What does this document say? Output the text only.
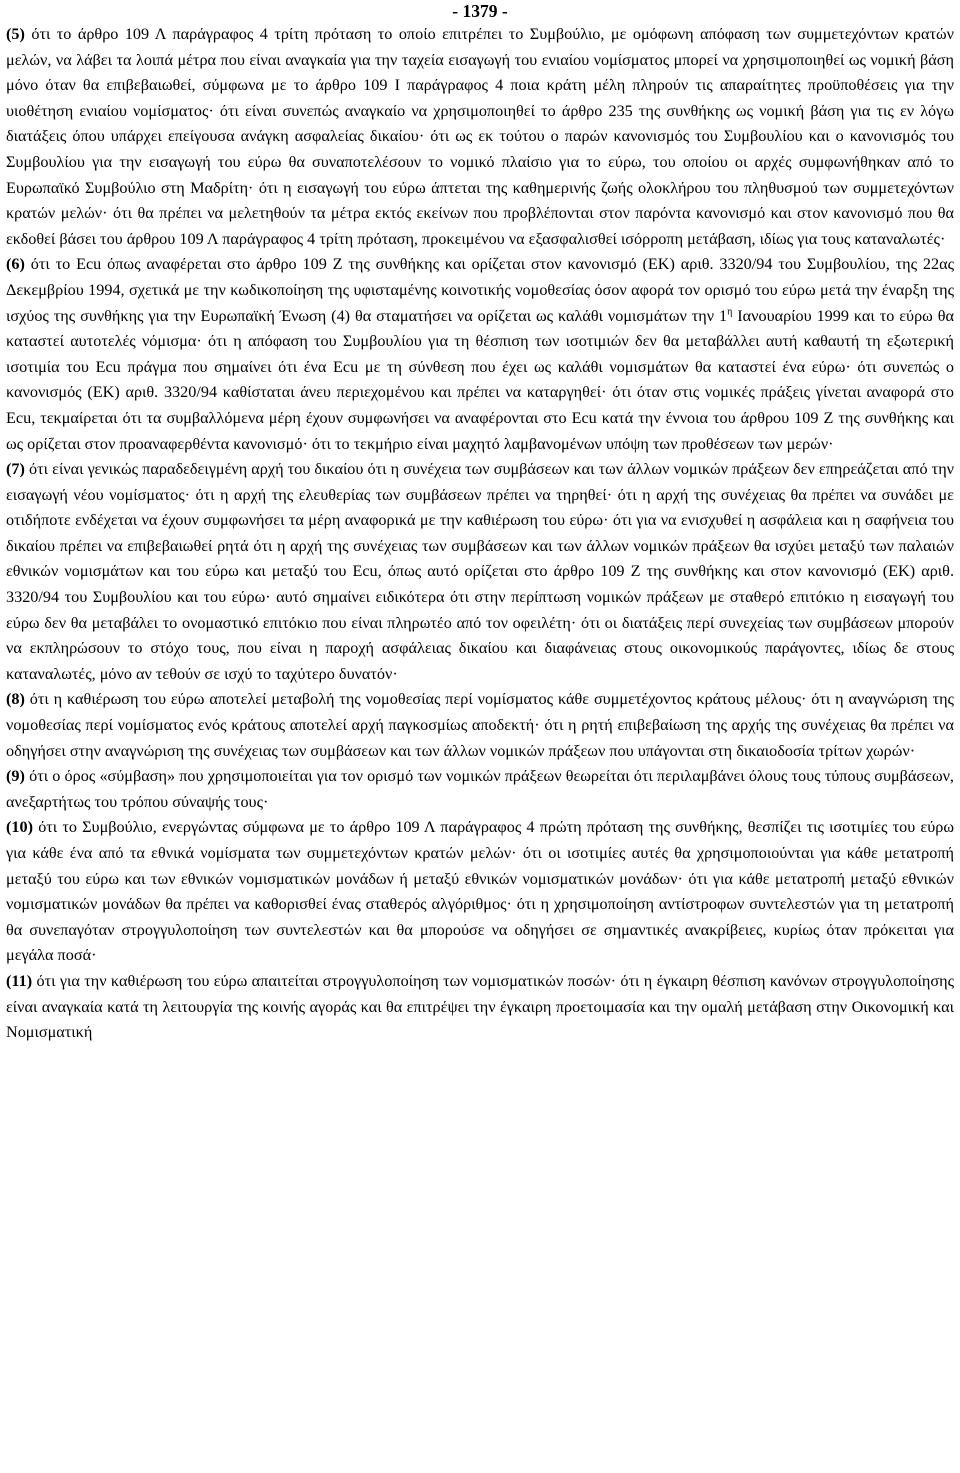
- 1379 -

(5) ότι το άρθρο 109 Λ παράγραφος 4 τρίτη πρόταση το οποίο επιτρέπει το Συμβούλιο, με ομόφωνη απόφαση των συμμετεχόντων κρατών μελών, να λάβει τα λοιπά μέτρα που είναι αναγκαία για την ταχεία εισαγωγή του ενιαίου νομίσματος μπορεί να χρησιμοποιηθεί ως νομική βάση μόνο όταν θα επιβεβαιωθεί, σύμφωνα με το άρθρο 109 Ι παράγραφος 4 ποια κράτη μέλη πληρούν τις απαραίτητες προϋποθέσεις για την υιοθέτηση ενιαίου νομίσματος· ότι είναι συνεπώς αναγκαίο να χρησιμοποιηθεί το άρθρο 235 της συνθήκης ως νομική βάση για τις εν λόγω διατάξεις όπου υπάρχει επείγουσα ανάγκη ασφαλείας δικαίου· ότι ως εκ τούτου ο παρών κανονισμός του Συμβουλίου και ο κανονισμός του Συμβουλίου για την εισαγωγή του εύρω θα συναποτελέσουν το νομικό πλαίσιο για το εύρω, του οποίου οι αρχές συμφωνήθηκαν από το Ευρωπαϊκό Συμβούλιο στη Μαδρίτη· ότι η εισαγωγή του εύρω άπτεται της καθημερινής ζωής ολοκλήρου του πληθυσμού των συμμετεχόντων κρατών μελών· ότι θα πρέπει να μελετηθούν τα μέτρα εκτός εκείνων που προβλέπονται στον παρόντα κανονισμό και στον κανονισμό που θα εκδοθεί βάσει του άρθρου 109 Λ παράγραφος 4 τρίτη πρόταση, προκειμένου να εξασφαλισθεί ισόρροπη μετάβαση, ιδίως για τους καταναλωτές·
(6) ότι το Ecu όπως αναφέρεται στο άρθρο 109 Ζ της συνθήκης και ορίζεται στον κανονισμό (ΕΚ) αριθ. 3320/94 του Συμβουλίου, της 22ας Δεκεμβρίου 1994, σχετικά με την κωδικοποίηση της υφισταμένης κοινοτικής νομοθεσίας όσον αφορά τον ορισμό του εύρω μετά την έναρξη της ισχύος της συνθήκης για την Ευρωπαϊκή Ένωση (4) θα σταματήσει να ορίζεται ως καλάθι νομισμάτων την $1^\eta$ Ιανουαρίου 1999 και το εύρω θα καταστεί αυτοτελές νόμισμα· ότι η απόφαση του Συμβουλίου για τη θέσπιση των ισοτιμιών δεν θα μεταβάλλει αυτή καθαυτή τη εξωτερική ισοτιμία του Ecu πράγμα που σημαίνει ότι ένα Ecu με τη σύνθεση που έχει ως καλάθι νομισμάτων θα καταστεί ένα εύρω· ότι συνεπώς ο κανονισμός (ΕΚ) αριθ. 3320/94 καθίσταται άνευ περιεχομένου και πρέπει να καταργηθεί· ότι όταν στις νομικές πράξεις γίνεται αναφορά στο Ecu, τεκμαίρεται ότι τα συμβαλλόμενα μέρη έχουν συμφωνήσει να αναφέρονται στο Ecu κατά την έννοια του άρθρου 109 Ζ της συνθήκης και ως ορίζεται στον προαναφερθέντα κανονισμό· ότι το τεκμήριο είναι μαχητό λαμβανομένων υπόψη των προθέσεων των μερών·
(7) ότι είναι γενικώς παραδεδειγμένη αρχή του δικαίου ότι η συνέχεια των συμβάσεων και των άλλων νομικών πράξεων δεν επηρεάζεται από την εισαγωγή νέου νομίσματος· ότι η αρχή της ελευθερίας των συμβάσεων πρέπει να τηρηθεί· ότι η αρχή της συνέχειας θα πρέπει να συνάδει με οτιδήποτε ενδέχεται να έχουν συμφωνήσει τα μέρη αναφορικά με την καθιέρωση του εύρω· ότι για να ενισχυθεί η ασφάλεια και η σαφήνεια του δικαίου πρέπει να επιβεβαιωθεί ρητά ότι η αρχή της συνέχειας των συμβάσεων και των άλλων νομικών πράξεων θα ισχύει μεταξύ των παλαιών εθνικών νομισμάτων και του εύρω και μεταξύ του Ecu, όπως αυτό ορίζεται στο άρθρο 109 Ζ της συνθήκης και στον κανονισμό (ΕΚ) αριθ. 3320/94 του Συμβουλίου και του εύρω· αυτό σημαίνει ειδικότερα ότι στην περίπτωση νομικών πράξεων με σταθερό επιτόκιο η εισαγωγή του εύρω δεν θα μεταβάλει το ονομαστικό επιτόκιο που είναι πληρωτέο από τον οφειλέτη· ότι οι διατάξεις περί συνεχείας των συμβάσεων μπορούν να εκπληρώσουν το στόχο τους, που είναι η παροχή ασφάλειας δικαίου και διαφάνειας στους οικονομικούς παράγοντες, ιδίως δε στους καταναλωτές, μόνο αν τεθούν σε ισχύ το ταχύτερο δυνατόν·
(8) ότι η καθιέρωση του εύρω αποτελεί μεταβολή της νομοθεσίας περί νομίσματος κάθε συμμετέχοντος κράτους μέλους· ότι η αναγνώριση της νομοθεσίας περί νομίσματος ενός κράτους αποτελεί αρχή παγκοσμίως αποδεκτή· ότι η ρητή επιβεβαίωση της αρχής της συνέχειας θα πρέπει να οδηγήσει στην αναγνώριση της συνέχειας των συμβάσεων και των άλλων νομικών πράξεων που υπάγονται στη δικαιοδοσία τρίτων χωρών·
(9) ότι ο όρος «σύμβαση» που χρησιμοποιείται για τον ορισμό των νομικών πράξεων θεωρείται ότι περιλαμβάνει όλους τους τύπους συμβάσεων, ανεξαρτήτως του τρόπου σύναψής τους·
(10) ότι το Συμβούλιο, ενεργώντας σύμφωνα με το άρθρο 109 Λ παράγραφος 4 πρώτη πρόταση της συνθήκης, θεσπίζει τις ισοτιμίες του εύρω για κάθε ένα από τα εθνικά νομίσματα των συμμετεχόντων κρατών μελών· ότι οι ισοτιμίες αυτές θα χρησιμοποιούνται για κάθε μετατροπή μεταξύ του εύρω και των εθνικών νομισματικών μονάδων ή μεταξύ εθνικών νομισματικών μονάδων· ότι για κάθε μετατροπή μεταξύ εθνικών νομισματικών μονάδων θα πρέπει να καθορισθεί ένας σταθερός αλγόριθμος· ότι η χρησιμοποίηση αντίστροφων συντελεστών για τη μετατροπή θα συνεπαγόταν στρογγυλοποίηση των συντελεστών και θα μπορούσε να οδηγήσει σε σημαντικές ανακρίβειες, κυρίως όταν πρόκειται για μεγάλα ποσά·
(11) ότι για την καθιέρωση του εύρω απαιτείται στρογγυλοποίηση των νομισματικών ποσών· ότι η έγκαιρη θέσπιση κανόνων στρογγυλοποίησης είναι αναγκαία κατά τη λειτουργία της κοινής αγοράς και θα επιτρέψει την έγκαιρη προετοιμασία και την ομαλή μετάβαση στην Οικονομική και Νομισματική
